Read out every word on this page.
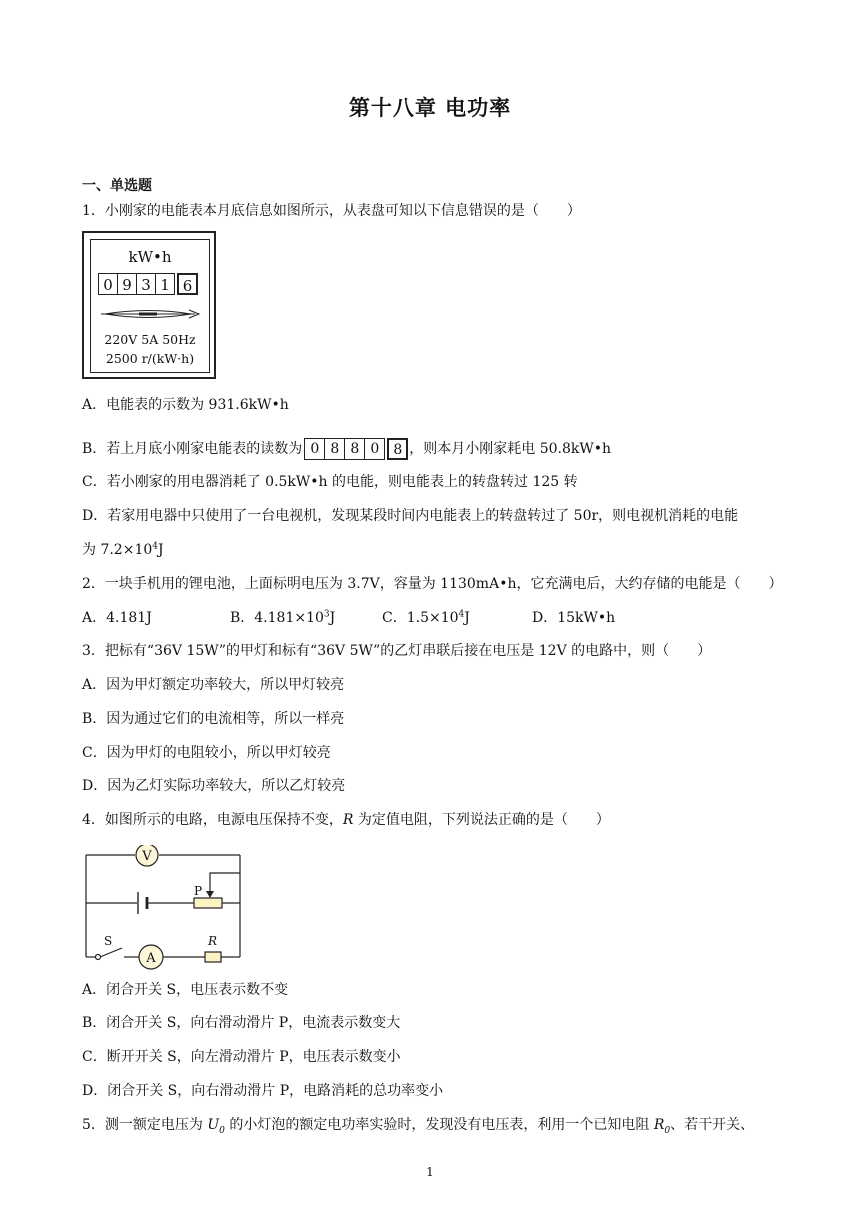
第十八章 电功率
一、单选题
1．小刚家的电能表本月底信息如图所示，从表盘可知以下信息错误的是（　　）
kW•h
0 9 3 1 6
220V 5A 50Hz
2500 r/(kW·h)
A．电能表的示数为 931.6kW•h
B．若上月底小刚家电能表的读数为 0 8 8 0	8 ，则本月小刚家耗电 50.8kW•h
C．若小刚家的用电器消耗了 0.5kW•h 的电能，则电能表上的转盘转过 125 转
D．若家用电器中只使用了一台电视机，发现某段时间内电能表上的转盘转过了 50r，则电视机消耗的电能
为 $7.2\times 10^4J$
2．一块手机用的锂电池，上面标明电压为 3.7V，容量为 1130mA•h，它充满电后，大约存储的电能是（　　）
A．4.181J	B．$4.181\times 10^3J$	C．$1.5\times 10^4J$	D．15kW•h
3．把标有“36V 15W”的甲灯和标有“36V 5W”的乙灯串联后接在电压是 12V 的电路中，则（　　）
A．因为甲灯额定功率较大，所以甲灯较亮
B．因为通过它们的电流相等，所以一样亮
C．因为甲灯的电阻较小，所以甲灯较亮
D．因为乙灯实际功率较大，所以乙灯较亮
4．如图所示的电路，电源电压保持不变，R 为定值电阻，下列说法正确的是（　　）
V
P
S
A
R
A．闭合开关 S，电压表示数不变
B．闭合开关 S，向右滑动滑片 P，电流表示数变大
C．断开开关 S，向左滑动滑片 P，电压表示数变小
D．闭合开关 S，向右滑动滑片 P，电路消耗的总功率变小
5．测一额定电压为 $U_0$ 的小灯泡的额定电功率实验时，发现没有电压表，利用一个已知电阻 $R_0$、若干开关、
1
